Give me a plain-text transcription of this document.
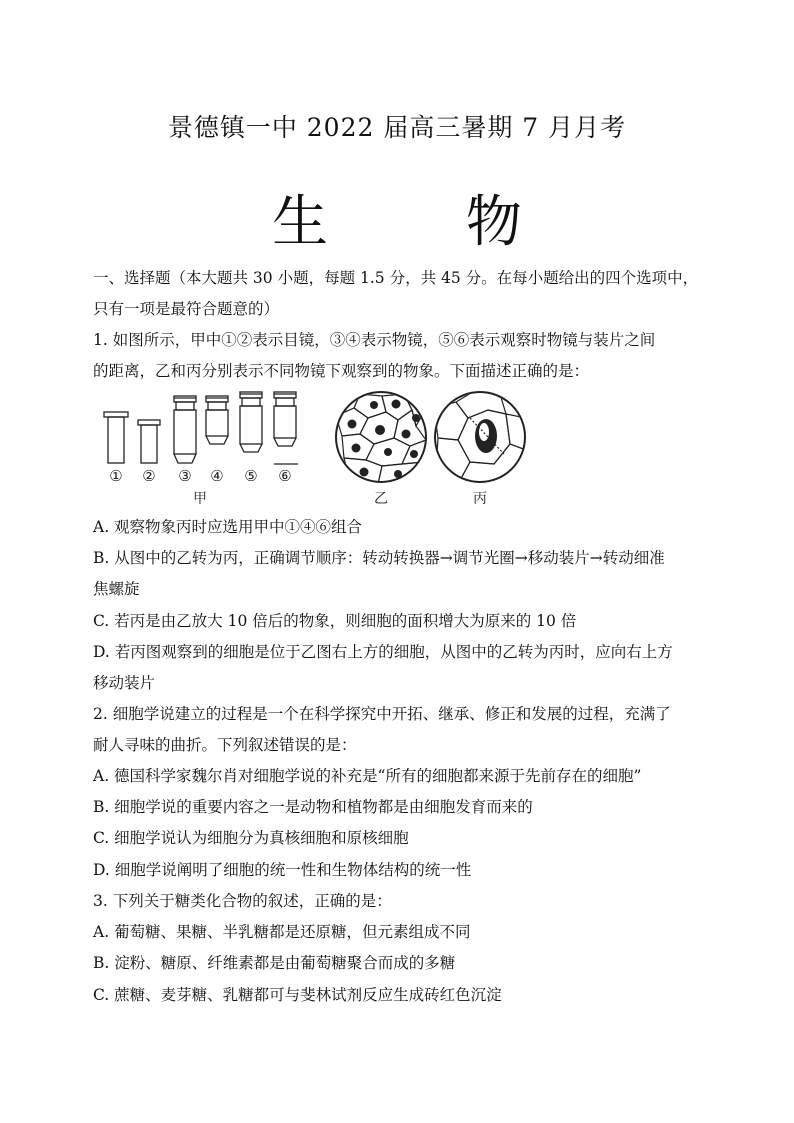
景德镇一中 2022 届高三暑期 7 月月考
生 物
一、选择题（本大题共 30 小题，每题 1.5 分，共 45 分。在每小题给出的四个选项中，
只有一项是最符合题意的）
1. 如图所示，甲中①②表示目镜，③④表示物镜，⑤⑥表示观察时物镜与装片之间
的距离，乙和丙分别表示不同物镜下观察到的物象。下面描述正确的是：
① ② ③ ④ ⑤ ⑥
甲	乙	丙
A. 观察物象丙时应选用甲中①④⑥组合
B. 从图中的乙转为丙，正确调节顺序：转动转换器→调节光圈→移动装片→转动细准
焦螺旋
C. 若丙是由乙放大 10 倍后的物象，则细胞的面积增大为原来的 10 倍
D. 若丙图观察到的细胞是位于乙图右上方的细胞，从图中的乙转为丙时，应向右上方
移动装片
2. 细胞学说建立的过程是一个在科学探究中开拓、继承、修正和发展的过程，充满了
耐人寻味的曲折。下列叙述错误的是：
A. 德国科学家魏尔肖对细胞学说的补充是“所有的细胞都来源于先前存在的细胞”
B. 细胞学说的重要内容之一是动物和植物都是由细胞发育而来的
C. 细胞学说认为细胞分为真核细胞和原核细胞
D. 细胞学说阐明了细胞的统一性和生物体结构的统一性
3. 下列关于糖类化合物的叙述，正确的是：
A. 葡萄糖、果糖、半乳糖都是还原糖，但元素组成不同
B. 淀粉、糖原、纤维素都是由葡萄糖聚合而成的多糖
C. 蔗糖、麦芽糖、乳糖都可与斐林试剂反应生成砖红色沉淀
